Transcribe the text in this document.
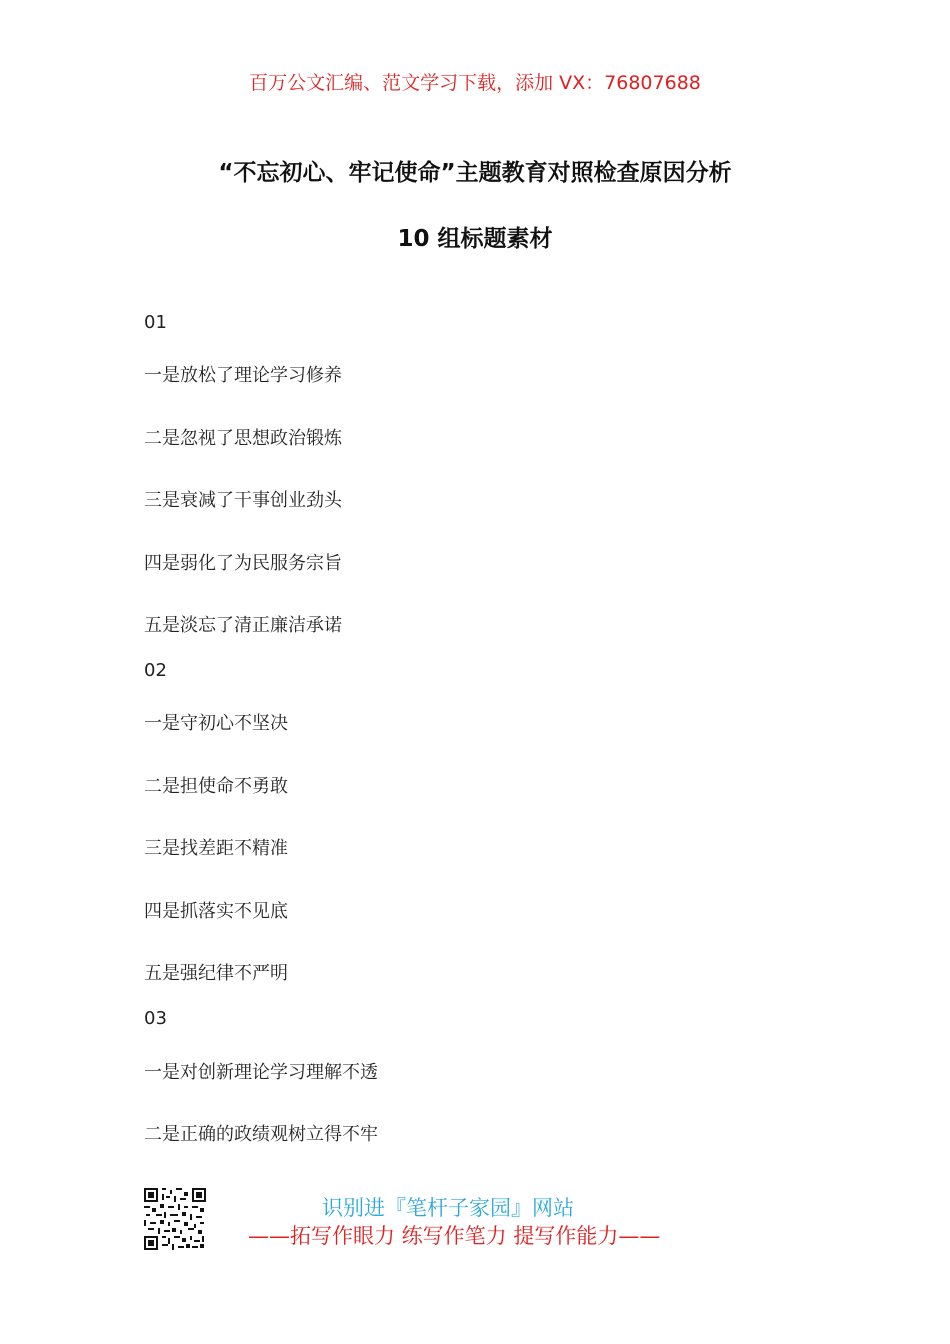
百万公文汇编、范文学习下载，添加 VX：76807688
“不忘初心、牢记使命”主题教育对照检查原因分析
10 组标题素材
01
一是放松了理论学习修养
二是忽视了思想政治锻炼
三是衰减了干事创业劲头
四是弱化了为民服务宗旨
五是淡忘了清正廉洁承诺
02
一是守初心不坚决
二是担使命不勇敢
三是找差距不精准
四是抓落实不见底
五是强纪律不严明
03
一是对创新理论学习理解不透
二是正确的政绩观树立得不牢
识别进『笔杆子家园』网站
——拓写作眼力 练写作笔力 提写作能力——
